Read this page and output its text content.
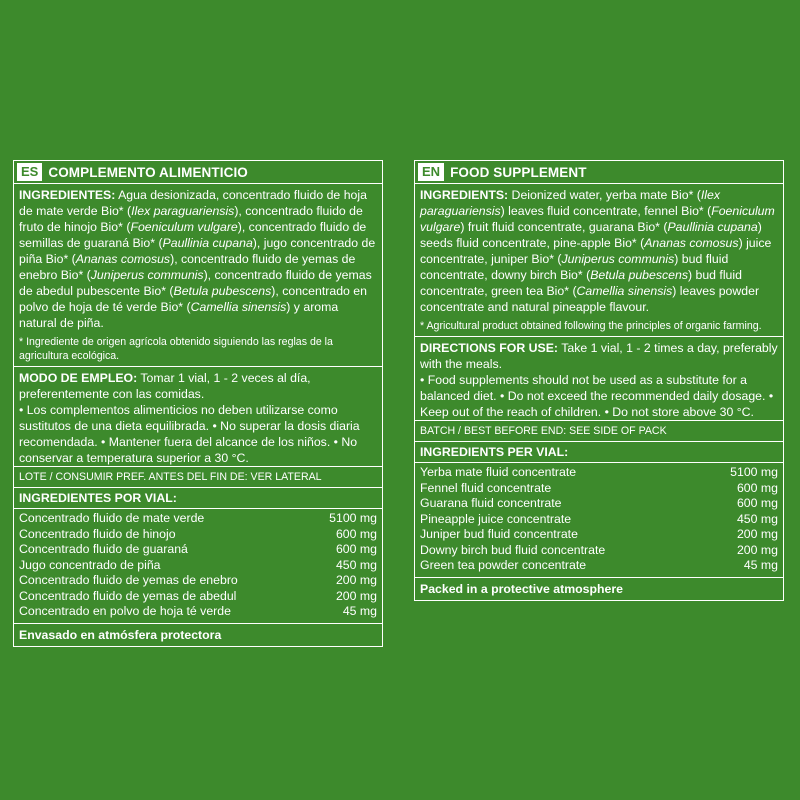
ES COMPLEMENTO ALIMENTICIO
INGREDIENTES: Agua desionizada, concentrado fluido de hoja de mate verde Bio* (Ilex paraguariensis), concentrado fluido de fruto de hinojo Bio* (Foeniculum vulgare), concentrado fluido de semillas de guaraná Bio* (Paullinia cupana), jugo concentrado de piña Bio* (Ananas comosus), concentrado fluido de yemas de enebro Bio* (Juniperus communis), concentrado fluido de yemas de abedul pubescente Bio* (Betula pubescens), concentrado en polvo de hoja de té verde Bio* (Camellia sinensis) y aroma natural de piña.
* Ingrediente de origen agrícola obtenido siguiendo las reglas de la agricultura ecológica.
MODO DE EMPLEO: Tomar 1 vial, 1 - 2 veces al día, preferentemente con las comidas.
• Los complementos alimenticios no deben utilizarse como sustitutos de una dieta equilibrada. • No superar la dosis diaria recomendada. • Mantener fuera del alcance de los niños. • No conservar a temperatura superior a 30 °C.
LOTE / CONSUMIR PREF. ANTES DEL FIN DE: VER LATERAL
INGREDIENTES POR VIAL:
Concentrado fluido de mate verde	5100 mg
Concentrado fluido de hinojo	600 mg
Concentrado fluido de guaraná	600 mg
Jugo concentrado de piña	450 mg
Concentrado fluido de yemas de enebro	200 mg
Concentrado fluido de yemas de abedul	200 mg
Concentrado en polvo de hoja té verde	45 mg
Envasado en atmósfera protectora
EN FOOD SUPPLEMENT
INGREDIENTS: Deionized water, yerba mate Bio* (Ilex paraguariensis) leaves fluid concentrate, fennel Bio* (Foeniculum vulgare) fruit fluid concentrate, guarana Bio* (Paullinia cupana) seeds fluid concentrate, pine-apple Bio* (Ananas comosus) juice concentrate, juniper Bio* (Juniperus communis) bud fluid concentrate, downy birch Bio* (Betula pubescens) bud fluid concentrate, green tea Bio* (Camellia sinensis) leaves powder concentrate and natural pineapple flavour.
* Agricultural product obtained following the principles of organic farming.
DIRECTIONS FOR USE: Take 1 vial, 1 - 2 times a day, preferably with the meals.
• Food supplements should not be used as a substitute for a balanced diet. • Do not exceed the recommended daily dosage. • Keep out of the reach of children. • Do not store above 30 °C.
BATCH / BEST BEFORE END: SEE SIDE OF PACK
INGREDIENTS PER VIAL:
Yerba mate fluid concentrate	5100 mg
Fennel fluid concentrate	600 mg
Guarana fluid concentrate	600 mg
Pineapple juice concentrate	450 mg
Juniper bud fluid concentrate	200 mg
Downy birch bud fluid concentrate	200 mg
Green tea powder concentrate	45 mg
Packed in a protective atmosphere
